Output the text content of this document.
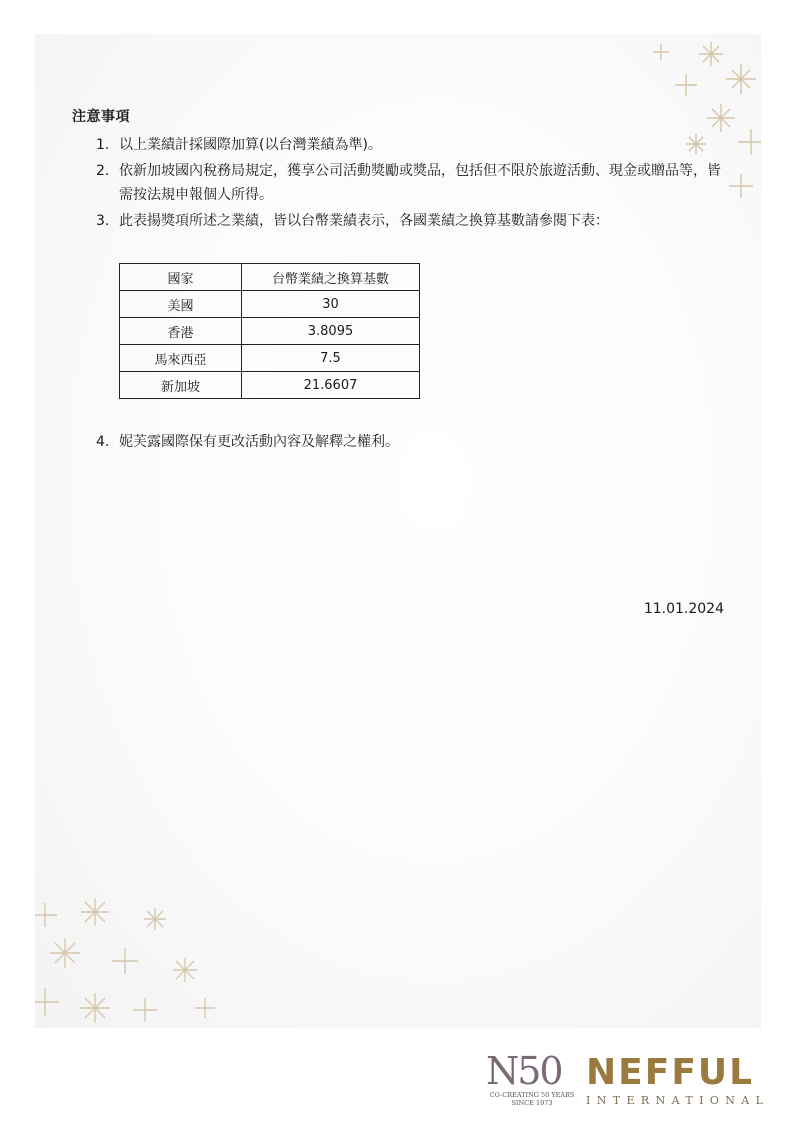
注意事項
1. 以上業績計採國際加算(以台灣業績為準)。
2. 依新加坡國內稅務局規定，獲享公司活動獎勵或獎品，包括但不限於旅遊活動、現金或贈品等，皆需按法規申報個人所得。
3. 此表揚獎項所述之業績，皆以台幣業績表示，各國業績之換算基數請參閱下表：
國家	台幣業績之換算基數
美國	30
香港	3.8095
馬來西亞	7.5
新加坡	21.6607
4. 妮芙露國際保有更改活動內容及解釋之權利。
11.01.2024
N50
CO-CREATING 50 YEARS
SINCE 1973
NEFFUL
INTERNATIONAL
